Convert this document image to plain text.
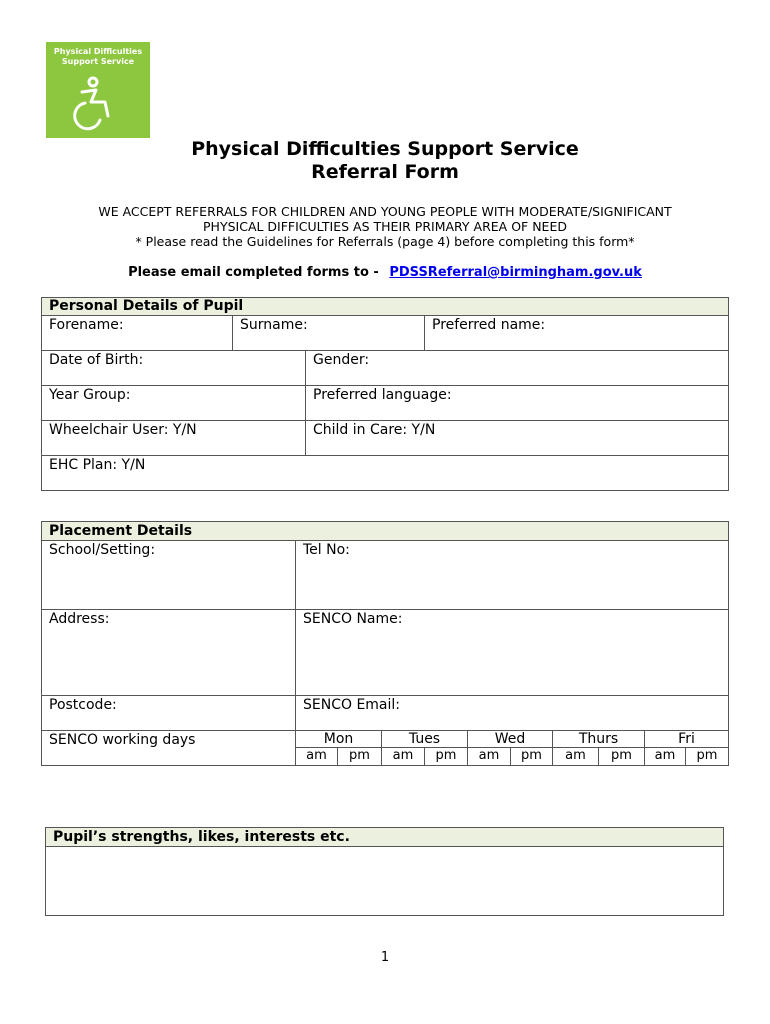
Physical Difficulties
Support Service
Physical Difficulties Support Service
Referral Form
WE ACCEPT REFERRALS FOR CHILDREN AND YOUNG PEOPLE WITH MODERATE/SIGNIFICANT
PHYSICAL DIFFICULTIES AS THEIR PRIMARY AREA OF NEED
* Please read the Guidelines for Referrals (page 4) before completing this form*
Please email completed forms to - PDSSReferral@birmingham.gov.uk
Personal Details of Pupil
Forename:	Surname:	Preferred name:
Date of Birth:	Gender:
Year Group:	Preferred language:
Wheelchair User: Y/N	Child in Care: Y/N
EHC Plan: Y/N
Placement Details
School/Setting:	Tel No:
Address:	SENCO Name:
Postcode:	SENCO Email:
SENCO working days	Mon	Tues	Wed	Thurs	Fri
am	pm	am	pm	am	pm	am	pm	am	pm
Pupil’s strengths, likes, interests etc.
1
